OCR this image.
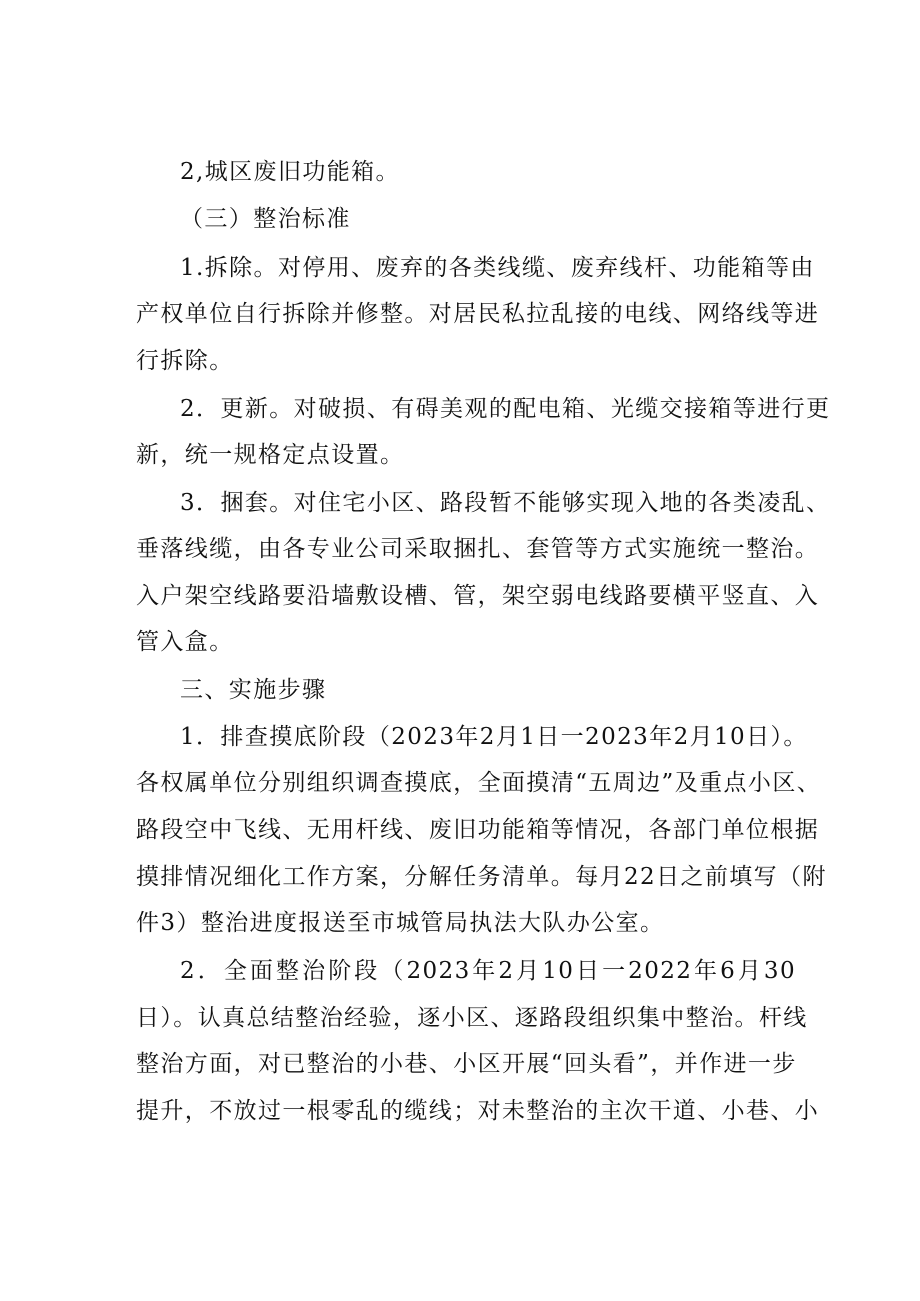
2,城区废旧功能箱。
（三）整治标准
1.拆除。对停用、废弃的各类线缆、废弃线杆、功能箱等由
产权单位自行拆除并修整。对居民私拉乱接的电线、网络线等进
行拆除。
2．更新。对破损、有碍美观的配电箱、光缆交接箱等进行更
新，统一规格定点设置。
3．捆套。对住宅小区、路段暂不能够实现入地的各类凌乱、
垂落线缆，由各专业公司采取捆扎、套管等方式实施统一整治。
入户架空线路要沿墙敷设槽、管，架空弱电线路要横平竖直、入
管入盒。
三、实施步骤
1．排查摸底阶段（2023年2月1日一2023年2月10日）。
各权属单位分别组织调查摸底，全面摸清“五周边”及重点小区、
路段空中飞线、无用杆线、废旧功能箱等情况，各部门单位根据
摸排情况细化工作方案，分解任务清单。每月22日之前填写（附
件3）整治进度报送至市城管局执法大队办公室。
2．全面整治阶段（2023年2月10日一2022年6月30
日）。认真总结整治经验，逐小区、逐路段组织集中整治。杆线
整治方面，对已整治的小巷、小区开展“回头看”，并作进一步
提升，不放过一根零乱的缆线；对未整治的主次干道、小巷、小
